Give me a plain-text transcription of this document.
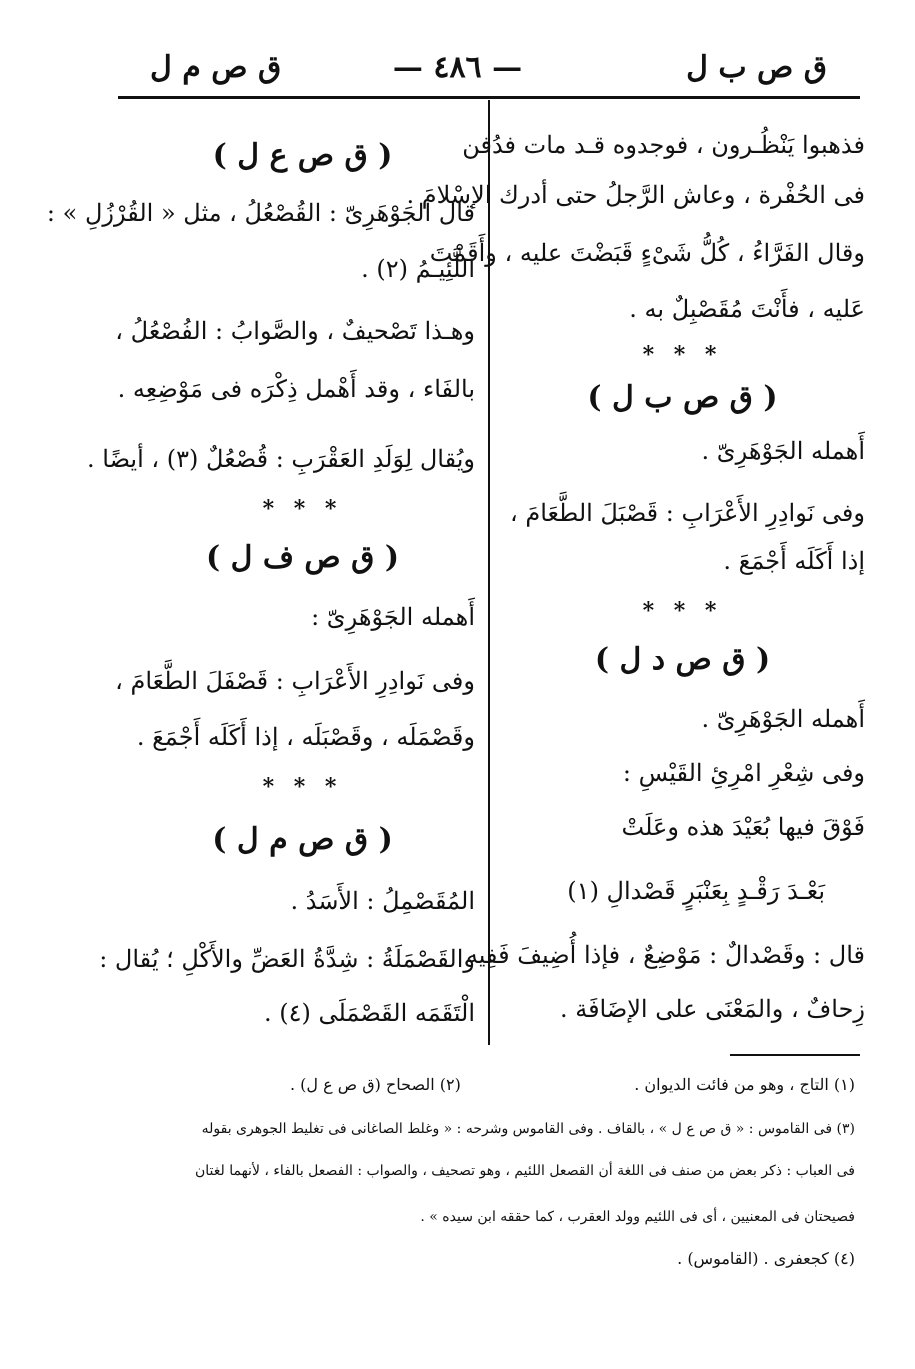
ق ص ب ل
— ٤٨٦ —
ق ص م ل
فذهبوا يَنْظُـرون ، فوجدوه قـد مات فدُفن
فى الحُفْرة ، وعاش الرَّجلُ حتى أدرك الإسْلامَ .
وقال الفَرَّاءُ ، كُلُّ شَىْءٍ قَبَضْتَ عليه ، وأَقَمْتَ
عَليه ، فأَنْتَ مُقَصْبِلٌ به .
* * *
( ق ص ب ل )
أَهمله الجَوْهَرِىّ .
وفى نَوادِرِ الأَعْرَابِ : قَصْبَلَ الطَّعَامَ ،
إذا أَكَلَه أَجْمَعَ .
* * *
( ق ص د ل )
أَهمله الجَوْهَرِىّ .
وفى شِعْرِ امْرِئِ القَيْسِ :
فَوْقَ فيها بُعَيْدَ هذه وعَلَتْ
بَعْـدَ رَقْـدٍ بِعَنْبَرٍ قَصْدالِ (١)
قال : وقَصْدالٌ : مَوْضِعٌ ، فإذا أُضِيفَ فَفِيه
زِحافٌ ، والمَعْنَى على الإضَافَة .
( ق ص ع ل )
قال الجَوْهَرِىّ : القُصْعُلُ ، مثل « القُرْزُلِ » :
اللَّئِيـمُ (٢) .
وهـذا تَصْحيفٌ ، والصَّوابُ : الفُصْعُلُ ،
بالفَاء ، وقد أَهْمل ذِكْرَه فى مَوْضِعِه .
ويُقال لِوَلَدِ العَقْرَبِ : قُصْعُلٌ (٣) ، أيضًا .
* * *
( ق ص ف ل )
أَهمله الجَوْهَرِىّ :
وفى نَوادِرِ الأَعْرَابِ : قَصْفَلَ الطَّعَامَ ،
وقَصْمَلَه ، وقَصْبَلَه ، إذا أَكَلَه أَجْمَعَ .
* * *
( ق ص م ل )
المُقَصْمِلُ : الأَسَدُ .
والقَصْمَلَةُ : شِدَّةُ العَضِّ والأَكْلِ ؛ يُقال :
الْتَقَمَه القَصْمَلَى (٤) .
(١) التاج ، وهو من فائت الديوان .
(٢) الصحاح (ق ص ع ل) .
(٣) فى القاموس : « ق ص ع ل » ، بالقاف . وفى القاموس وشرحه : « وغلط الصاغانى فى تغليط الجوهرى بقوله
فى العباب : ذكر بعض من صنف فى اللغة أن القصعل اللئيم ، وهو تصحيف ، والصواب : الفصعل بالفاء ، لأنهما لغتان
فصيحتان فى المعنيين ، أى فى اللئيم وولد العقرب ، كما حققه ابن سيده » .
(٤) كجعفرى . (القاموس) .
